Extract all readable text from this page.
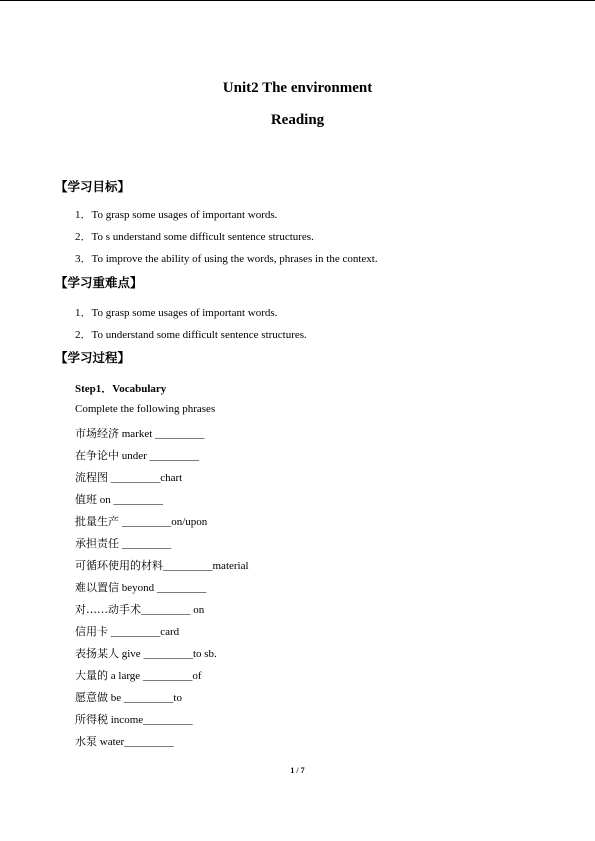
Unit2 The environment
Reading
【学习目标】
1．To grasp some usages of important words.
2．To s understand some difficult sentence structures.
3．To improve the ability of using the words, phrases in the context.
【学习重难点】
1．To grasp some usages of important words.
2．To understand some difficult sentence structures.
【学习过程】
Step1．Vocabulary
Complete the following phrases
市场经济 market _________
在争论中 under _________
流程图 _________chart
值班 on _________
批量生产 _________on/upon
承担责任 _________
可循环使用的材料_________material
难以置信 beyond _________
对……动手术_________ on
信用卡 _________card
表扬某人 give _________to sb.
大量的 a large _________of
愿意做 be _________to
所得税 income_________
水泵 water_________
1 / 7
